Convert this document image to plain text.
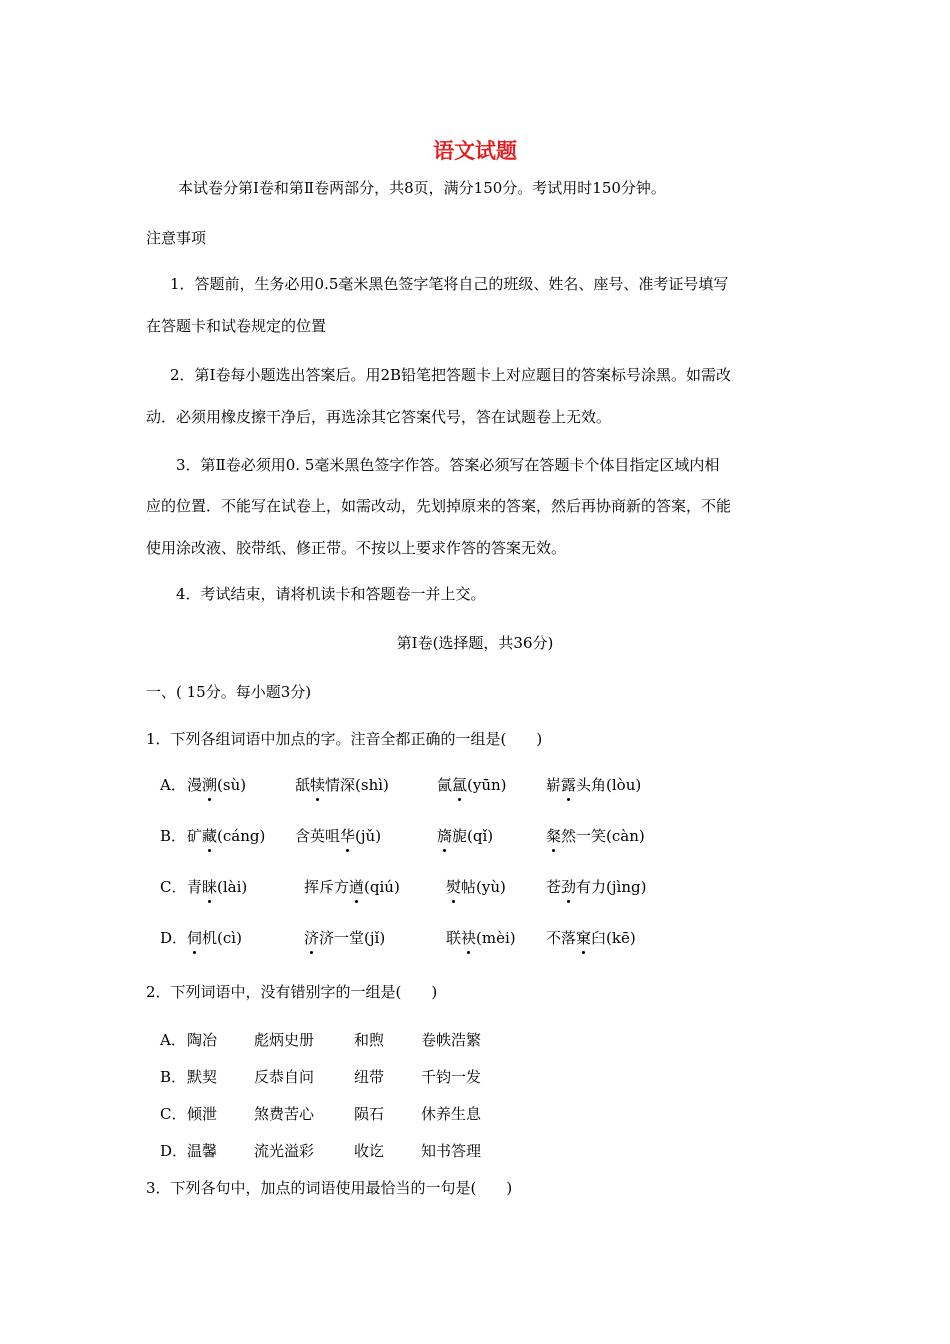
语文试题
本试卷分第Ⅰ卷和第Ⅱ卷两部分，共8页，满分150分。考试用时150分钟。
注意事项
1．答题前，生务必用0.5毫米黑色签字笔将自己的班级、姓名、座号、准考证号填写
在答题卡和试卷规定的位置
2．第Ⅰ卷每小题选出答案后。用2B铅笔把答题卡上对应题目的答案标号涂黑。如需改
动．必须用橡皮擦干净后，再选涂其它答案代号，答在试题卷上无效。
3．第Ⅱ卷必须用0. 5毫米黑色签字作答。答案必须写在答题卡个体目指定区域内相
应的位置．不能写在试卷上，如需改动，先划掉原来的答案，然后再协商新的答案，不能
使用涂改液、胶带纸、修正带。不按以上要求作答的答案无效。
4．考试结束，请将机读卡和答题卷一并上交。
第Ⅰ卷(选择题，共36分)
一、( 15分。每小题3分)
1．下列各组词语中加点的字。注音全都正确的一组是(　　)
A． 漫溯(sù)	舐犊情深(shì)	氤氲(yūn)	崭露头角(lòu)
B． 矿藏(cáng) 含英咀华(jǔ)	旖旎(qǐ)	粲然一笑(càn)
C． 青睐(lài)	挥斥方遒(qiú)	熨帖(yù)	苍劲有力(jìng)
D． 伺机(cì)	济济一堂(jǐ)	联袂(mèi) 不落窠臼(kē)
2．下列词语中，没有错别字的一组是(　　)
A． 陶冶 彪炳史册	和煦 卷帙浩繁
B． 默契 反恭自问	纽带 千钧一发
C． 倾泄 煞费苦心	陨石 休养生息
D． 温馨 流光溢彩	收讫 知书答理
3．下列各句中，加点的词语使用最恰当的一句是(　　)
